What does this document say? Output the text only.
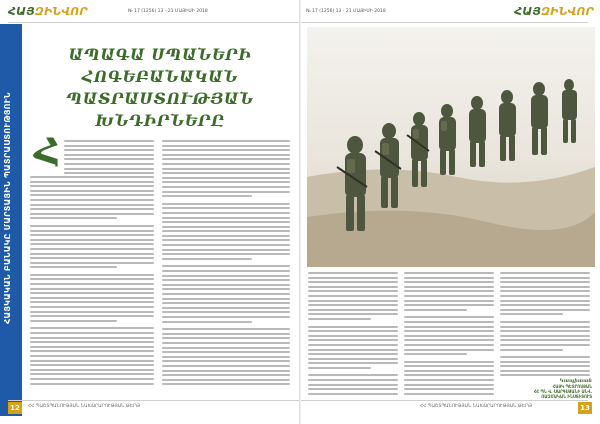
ՀԱՅԶԻՆՎՈՐ	№ 17 (1256) 13 - 21 ՄԱՅԻՍԻ 2018	№ 17 (1256) 13 - 21 ՄԱՅԻՍԻ 2018	ՀԱՅԶԻՆՎՈՐ
ՀԱՅԿԱԿԱՆ ԲԱՆԱԿԸ ՄԱՐՏԱՅԻՆ ՊԱՏՐԱՍՏՈՒԹՅՈՒՆ
ԱՊԱԳԱ ՍՊԱՆԵՐԻ
ՀՈԳԵԲԱՆԱԿԱՆ
ՊԱՏՐԱՍՏՈՒԹՅԱՆ
ԽՆԴԻՐՆԵՐԸ
Հ
Կապիտան
ՀԱՅԿ ՊԵՏՐՈՍՅԱՆ
ՀՀ ՊՆ Վ. ՍԱՐԳՍՅԱՆԻ ԱՆՎ. ՌԱԶՄԱԿԱՆ ԻՆՍՏԻՏՈՒՏ
12	ՀՀ ՊԱՇՏՊԱՆՈՒԹՅԱՆ ՆԱԽԱՐԱՐՈՒԹՅԱՆ ԹԵՐԹ	ՀՀ ՊԱՇՏՊԱՆՈՒԹՅԱՆ ՆԱԽԱՐԱՐՈՒԹՅԱՆ ԹԵՐԹ	13
